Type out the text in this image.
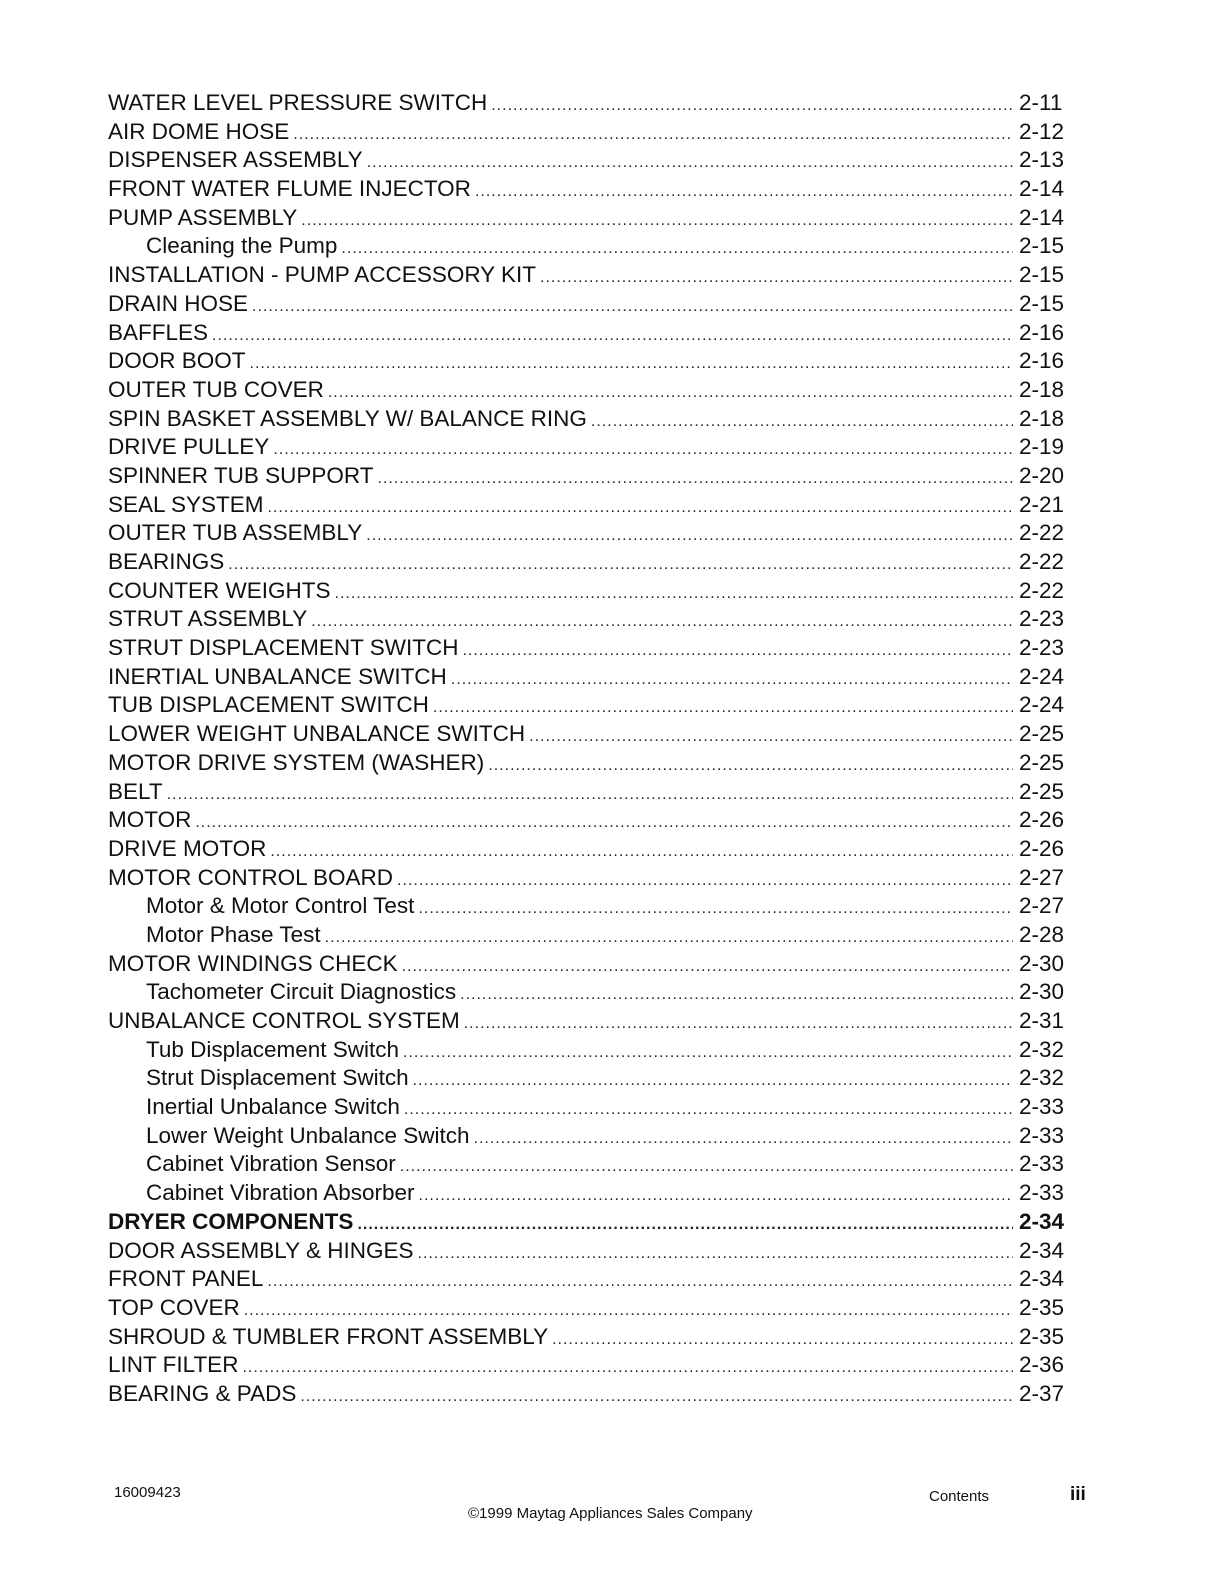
WATER LEVEL PRESSURE SWITCH .....	2-11
AIR DOME HOSE .....	2-12
DISPENSER ASSEMBLY .....	2-13
FRONT WATER FLUME INJECTOR .....	2-14
PUMP ASSEMBLY .....	2-14
Cleaning the Pump .....	2-15
INSTALLATION - PUMP ACCESSORY KIT .....	2-15
DRAIN HOSE .....	2-15
BAFFLES .....	2-16
DOOR BOOT .....	2-16
OUTER TUB COVER .....	2-18
SPIN BASKET ASSEMBLY W/ BALANCE RING .....	2-18
DRIVE PULLEY .....	2-19
SPINNER TUB SUPPORT .....	2-20
SEAL SYSTEM .....	2-21
OUTER TUB ASSEMBLY .....	2-22
BEARINGS .....	2-22
COUNTER WEIGHTS .....	2-22
STRUT ASSEMBLY .....	2-23
STRUT DISPLACEMENT SWITCH .....	2-23
INERTIAL UNBALANCE SWITCH .....	2-24
TUB DISPLACEMENT SWITCH .....	2-24
LOWER WEIGHT UNBALANCE SWITCH .....	2-25
MOTOR DRIVE SYSTEM (WASHER) .....	2-25
BELT .....	2-25
MOTOR .....	2-26
DRIVE MOTOR .....	2-26
MOTOR CONTROL BOARD .....	2-27
Motor & Motor Control Test .....	2-27
Motor Phase Test .....	2-28
MOTOR WINDINGS CHECK .....	2-30
Tachometer Circuit Diagnostics .....	2-30
UNBALANCE CONTROL SYSTEM .....	2-31
Tub Displacement Switch .....	2-32
Strut Displacement Switch .....	2-32
Inertial Unbalance Switch .....	2-33
Lower Weight Unbalance Switch .....	2-33
Cabinet Vibration Sensor .....	2-33
Cabinet Vibration Absorber .....	2-33
DRYER COMPONENTS .....	2-34
DOOR ASSEMBLY & HINGES .....	2-34
FRONT PANEL .....	2-34
TOP COVER .....	2-35
SHROUD & TUMBLER FRONT ASSEMBLY .....	2-35
LINT FILTER .....	2-36
BEARING & PADS .....	2-37
16009423
©1999 Maytag Appliances Sales Company
Contents	iii
